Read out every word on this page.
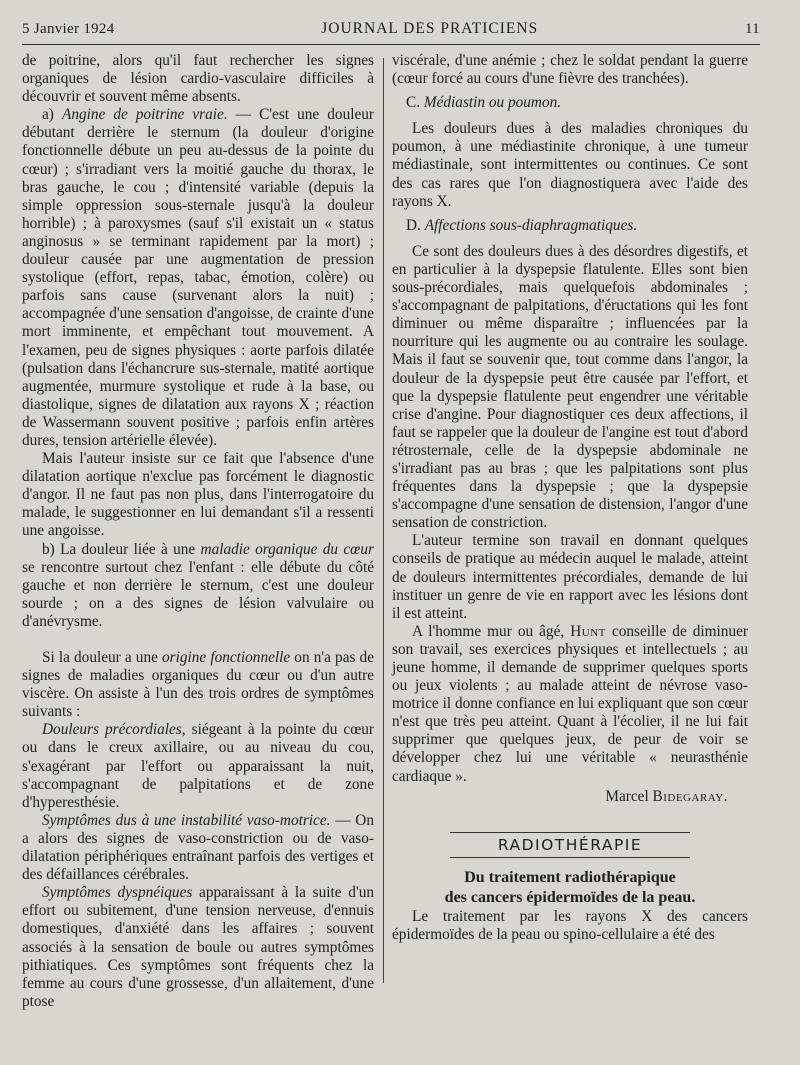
5 Janvier 1924	JOURNAL DES PRATICIENS	11

de poitrine, alors qu'il faut rechercher les signes organiques de lésion cardio-vasculaire difficiles à découvrir et souvent même absents.

a) Angine de poitrine vraie. — C'est une douleur débutant derrière le sternum (la douleur d'origine fonctionnelle débute un peu au-dessus de la pointe du cœur) ; s'irradiant vers la moitié gauche du thorax, le bras gauche, le cou ; d'intensité variable (depuis la simple oppression sous-sternale jusqu'à la douleur horrible) ; à paroxysmes (sauf s'il existait un « status anginosus » se terminant rapidement par la mort) ; douleur causée par une augmentation de pression systolique (effort, repas, tabac, émotion, colère) ou parfois sans cause (survenant alors la nuit) ; accompagnée d'une sensation d'angoisse, de crainte d'une mort imminente, et empêchant tout mouvement. A l'examen, peu de signes physiques : aorte parfois dilatée (pulsation dans l'échancrure sus-sternale, matité aortique augmentée, murmure systolique et rude à la base, ou diastolique, signes de dilatation aux rayons X ; réaction de Wassermann souvent positive ; parfois enfin artères dures, tension artérielle élevée).

Mais l'auteur insiste sur ce fait que l'absence d'une dilatation aortique n'exclue pas forcément le diagnostic d'angor. Il ne faut pas non plus, dans l'interrogatoire du malade, le suggestionner en lui demandant s'il a ressenti une angoisse.

b) La douleur liée à une maladie organique du cœur se rencontre surtout chez l'enfant : elle débute du côté gauche et non derrière le sternum, c'est une douleur sourde ; on a des signes de lésion valvulaire ou d'anévrysme.

Si la douleur a une origine fonctionnelle on n'a pas de signes de maladies organiques du cœur ou d'un autre viscère. On assiste à l'un des trois ordres de symptômes suivants :

Douleurs précordiales, siégeant à la pointe du cœur ou dans le creux axillaire, ou au niveau du cou, s'exagérant par l'effort ou apparaissant la nuit, s'accompagnant de palpitations et de zone d'hyperesthésie.

Symptômes dus à une instabilité vaso-motrice. — On a alors des signes de vaso-constriction ou de vaso-dilatation périphériques entraînant parfois des vertiges et des défaillances cérébrales.

Symptômes dyspnéiques apparaissant à la suite d'un effort ou subitement, d'une tension nerveuse, d'ennuis domestiques, d'anxiété dans les affaires ; souvent associés à la sensation de boule ou autres symptômes pithiatiques. Ces symptômes sont fréquents chez la femme au cours d'une grossesse, d'un allaitement, d'une ptose

viscérale, d'une anémie ; chez le soldat pendant la guerre (cœur forcé au cours d'une fièvre des tranchées).

C. Médiastin ou poumon.

Les douleurs dues à des maladies chroniques du poumon, à une médiastinite chronique, à une tumeur médiastinale, sont intermittentes ou continues. Ce sont des cas rares que l'on diagnostiquera avec l'aide des rayons X.

D. Affections sous-diaphragmatiques.

Ce sont des douleurs dues à des désordres digestifs, et en particulier à la dyspepsie flatulente. Elles sont bien sous-précordiales, mais quelquefois abdominales ; s'accompagnant de palpitations, d'éructations qui les font diminuer ou même disparaître ; influencées par la nourriture qui les augmente ou au contraire les soulage. Mais il faut se souvenir que, tout comme dans l'angor, la douleur de la dyspepsie peut être causée par l'effort, et que la dyspepsie flatulente peut engendrer une véritable crise d'angine. Pour diagnostiquer ces deux affections, il faut se rappeler que la douleur de l'angine est tout d'abord rétrosternale, celle de la dyspepsie abdominale ne s'irradiant pas au bras ; que les palpitations sont plus fréquentes dans la dyspepsie ; que la dyspepsie s'accompagne d'une sensation de distension, l'angor d'une sensation de constriction.

L'auteur termine son travail en donnant quelques conseils de pratique au médecin auquel le malade, atteint de douleurs intermittentes précordiales, demande de lui instituer un genre de vie en rapport avec les lésions dont il est atteint.

A l'homme mur ou âgé, Hunt conseille de diminuer son travail, ses exercices physiques et intellectuels ; au jeune homme, il demande de supprimer quelques sports ou jeux violents ; au malade atteint de névrose vaso-motrice il donne confiance en lui expliquant que son cœur n'est que très peu atteint. Quant à l'écolier, il ne lui fait supprimer que quelques jeux, de peur de voir se développer chez lui une véritable « neurasthénie cardiaque ».

Marcel Bidegaray.

RADIOTHÉRAPIE

Du traitement radiothérapique
des cancers épidermoïdes de la peau.

Le traitement par les rayons X des cancers épidermoïdes de la peau ou spino-cellulaire a été des
